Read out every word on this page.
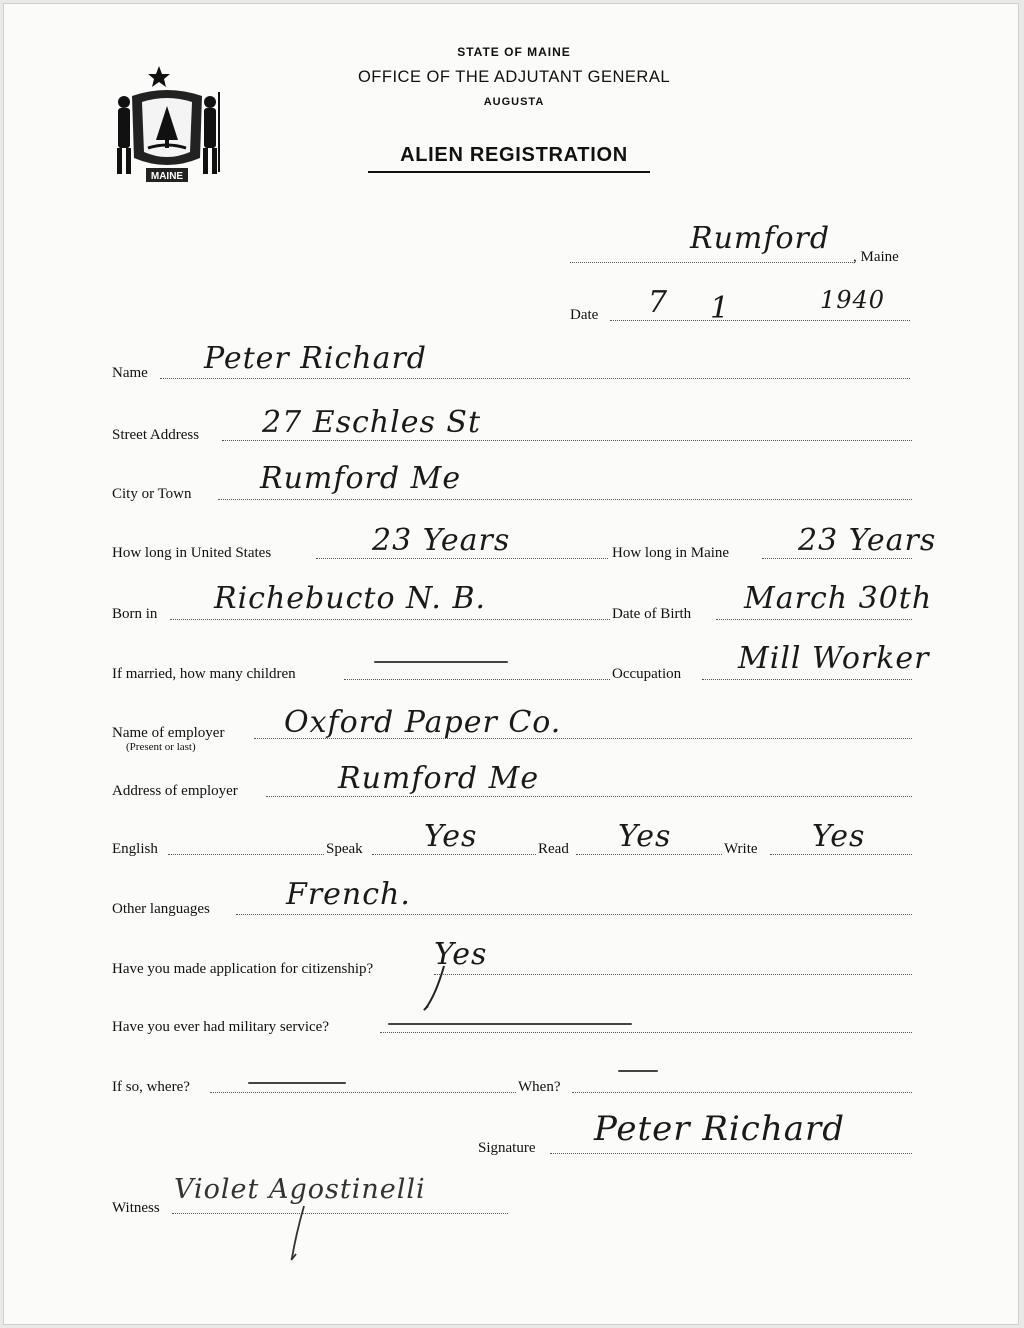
MAINE
STATE OF MAINE
OFFICE OF THE ADJUTANT GENERAL
AUGUSTA
ALIEN REGISTRATION
Rumford
, Maine
Date 7 1	1940
Name Peter Richard
Street Address 27 Eschles St
City or Town Rumford Me
How long in United States	23 Years	How long in Maine 23 Years
Born in Richebucto N. B.	Date of Birth March 30th
If married, how many children	Occupation Mill Worker
Name of employer
(Present or last)
Oxford Paper Co.
Address of employer	Rumford Me
English	Speak Yes	Read Yes	Write Yes
Other languages	French.
Have you made application for citizenship? Yes
Have you ever had military service?
If so, where?	When?
Signature Peter Richard
Witness
Violet Agostinelli
